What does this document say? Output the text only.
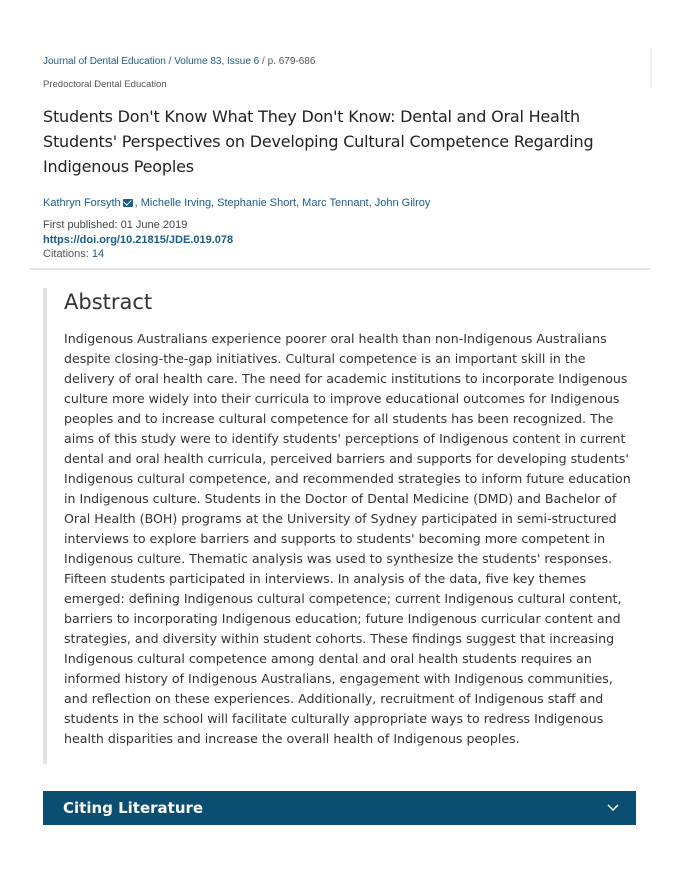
Journal of Dental Education / Volume 83, Issue 6 / p. 679-686
Predoctoral Dental Education
Students Don't Know What They Don't Know: Dental and Oral Health Students' Perspectives on Developing Cultural Competence Regarding Indigenous Peoples
Kathryn Forsyth , Michelle Irving, Stephanie Short, Marc Tennant, John Gilroy
First published: 01 June 2019
https://doi.org/10.21815/JDE.019.078
Citations: 14
Abstract
Indigenous Australians experience poorer oral health than non-Indigenous Australians despite closing-the-gap initiatives. Cultural competence is an important skill in the delivery of oral health care. The need for academic institutions to incorporate Indigenous culture more widely into their curricula to improve educational outcomes for Indigenous peoples and to increase cultural competence for all students has been recognized. The aims of this study were to identify students' perceptions of Indigenous content in current dental and oral health curricula, perceived barriers and supports for developing students' Indigenous cultural competence, and recommended strategies to inform future education in Indigenous culture. Students in the Doctor of Dental Medicine (DMD) and Bachelor of Oral Health (BOH) programs at the University of Sydney participated in semi-structured interviews to explore barriers and supports to students' becoming more competent in Indigenous culture. Thematic analysis was used to synthesize the students' responses. Fifteen students participated in interviews. In analysis of the data, five key themes emerged: defining Indigenous cultural competence; current Indigenous cultural content, barriers to incorporating Indigenous education; future Indigenous curricular content and strategies, and diversity within student cohorts. These findings suggest that increasing Indigenous cultural competence among dental and oral health students requires an informed history of Indigenous Australians, engagement with Indigenous communities, and reflection on these experiences. Additionally, recruitment of Indigenous staff and students in the school will facilitate culturally appropriate ways to redress Indigenous health disparities and increase the overall health of Indigenous peoples.
Citing Literature
